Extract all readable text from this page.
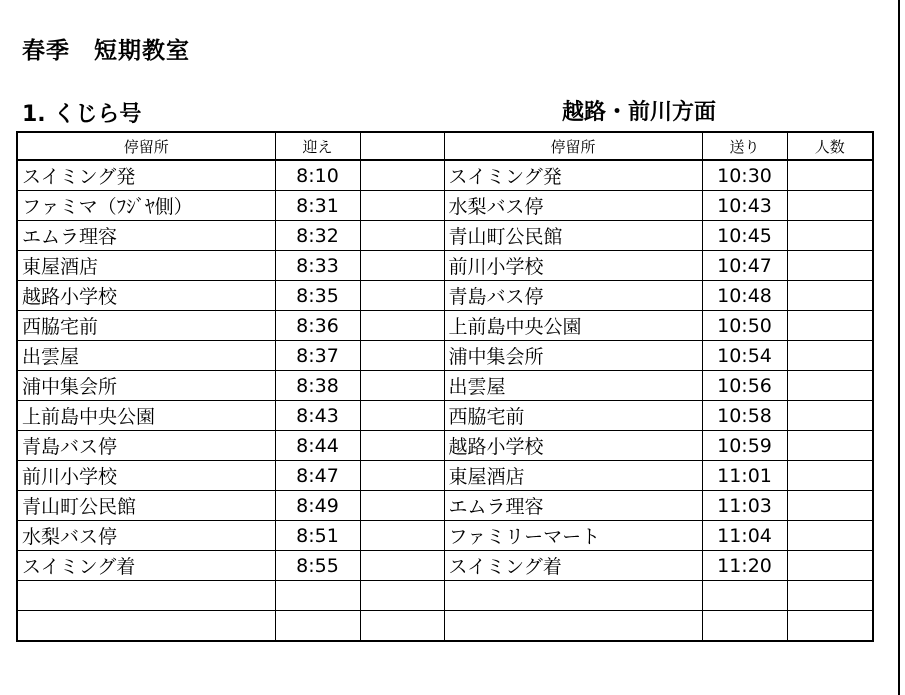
春季　短期教室
1. くじら号	越路・前川方面
停留所	迎え		停留所	送り	人数
スイミング発	8:10		スイミング発	10:30	
ファミマ（ﾌｼﾞﾔ側）	8:31		水梨バス停	10:43	
エムラ理容	8:32		青山町公民館	10:45	
東屋酒店	8:33		前川小学校	10:47	
越路小学校	8:35		青島バス停	10:48	
西脇宅前	8:36		上前島中央公園	10:50	
出雲屋	8:37		浦中集会所	10:54	
浦中集会所	8:38		出雲屋	10:56	
上前島中央公園	8:43		西脇宅前	10:58	
青島バス停	8:44		越路小学校	10:59	
前川小学校	8:47		東屋酒店	11:01	
青山町公民館	8:49		エムラ理容	11:03	
水梨バス停	8:51		ファミリーマート	11:04	
スイミング着	8:55		スイミング着	11:20	
